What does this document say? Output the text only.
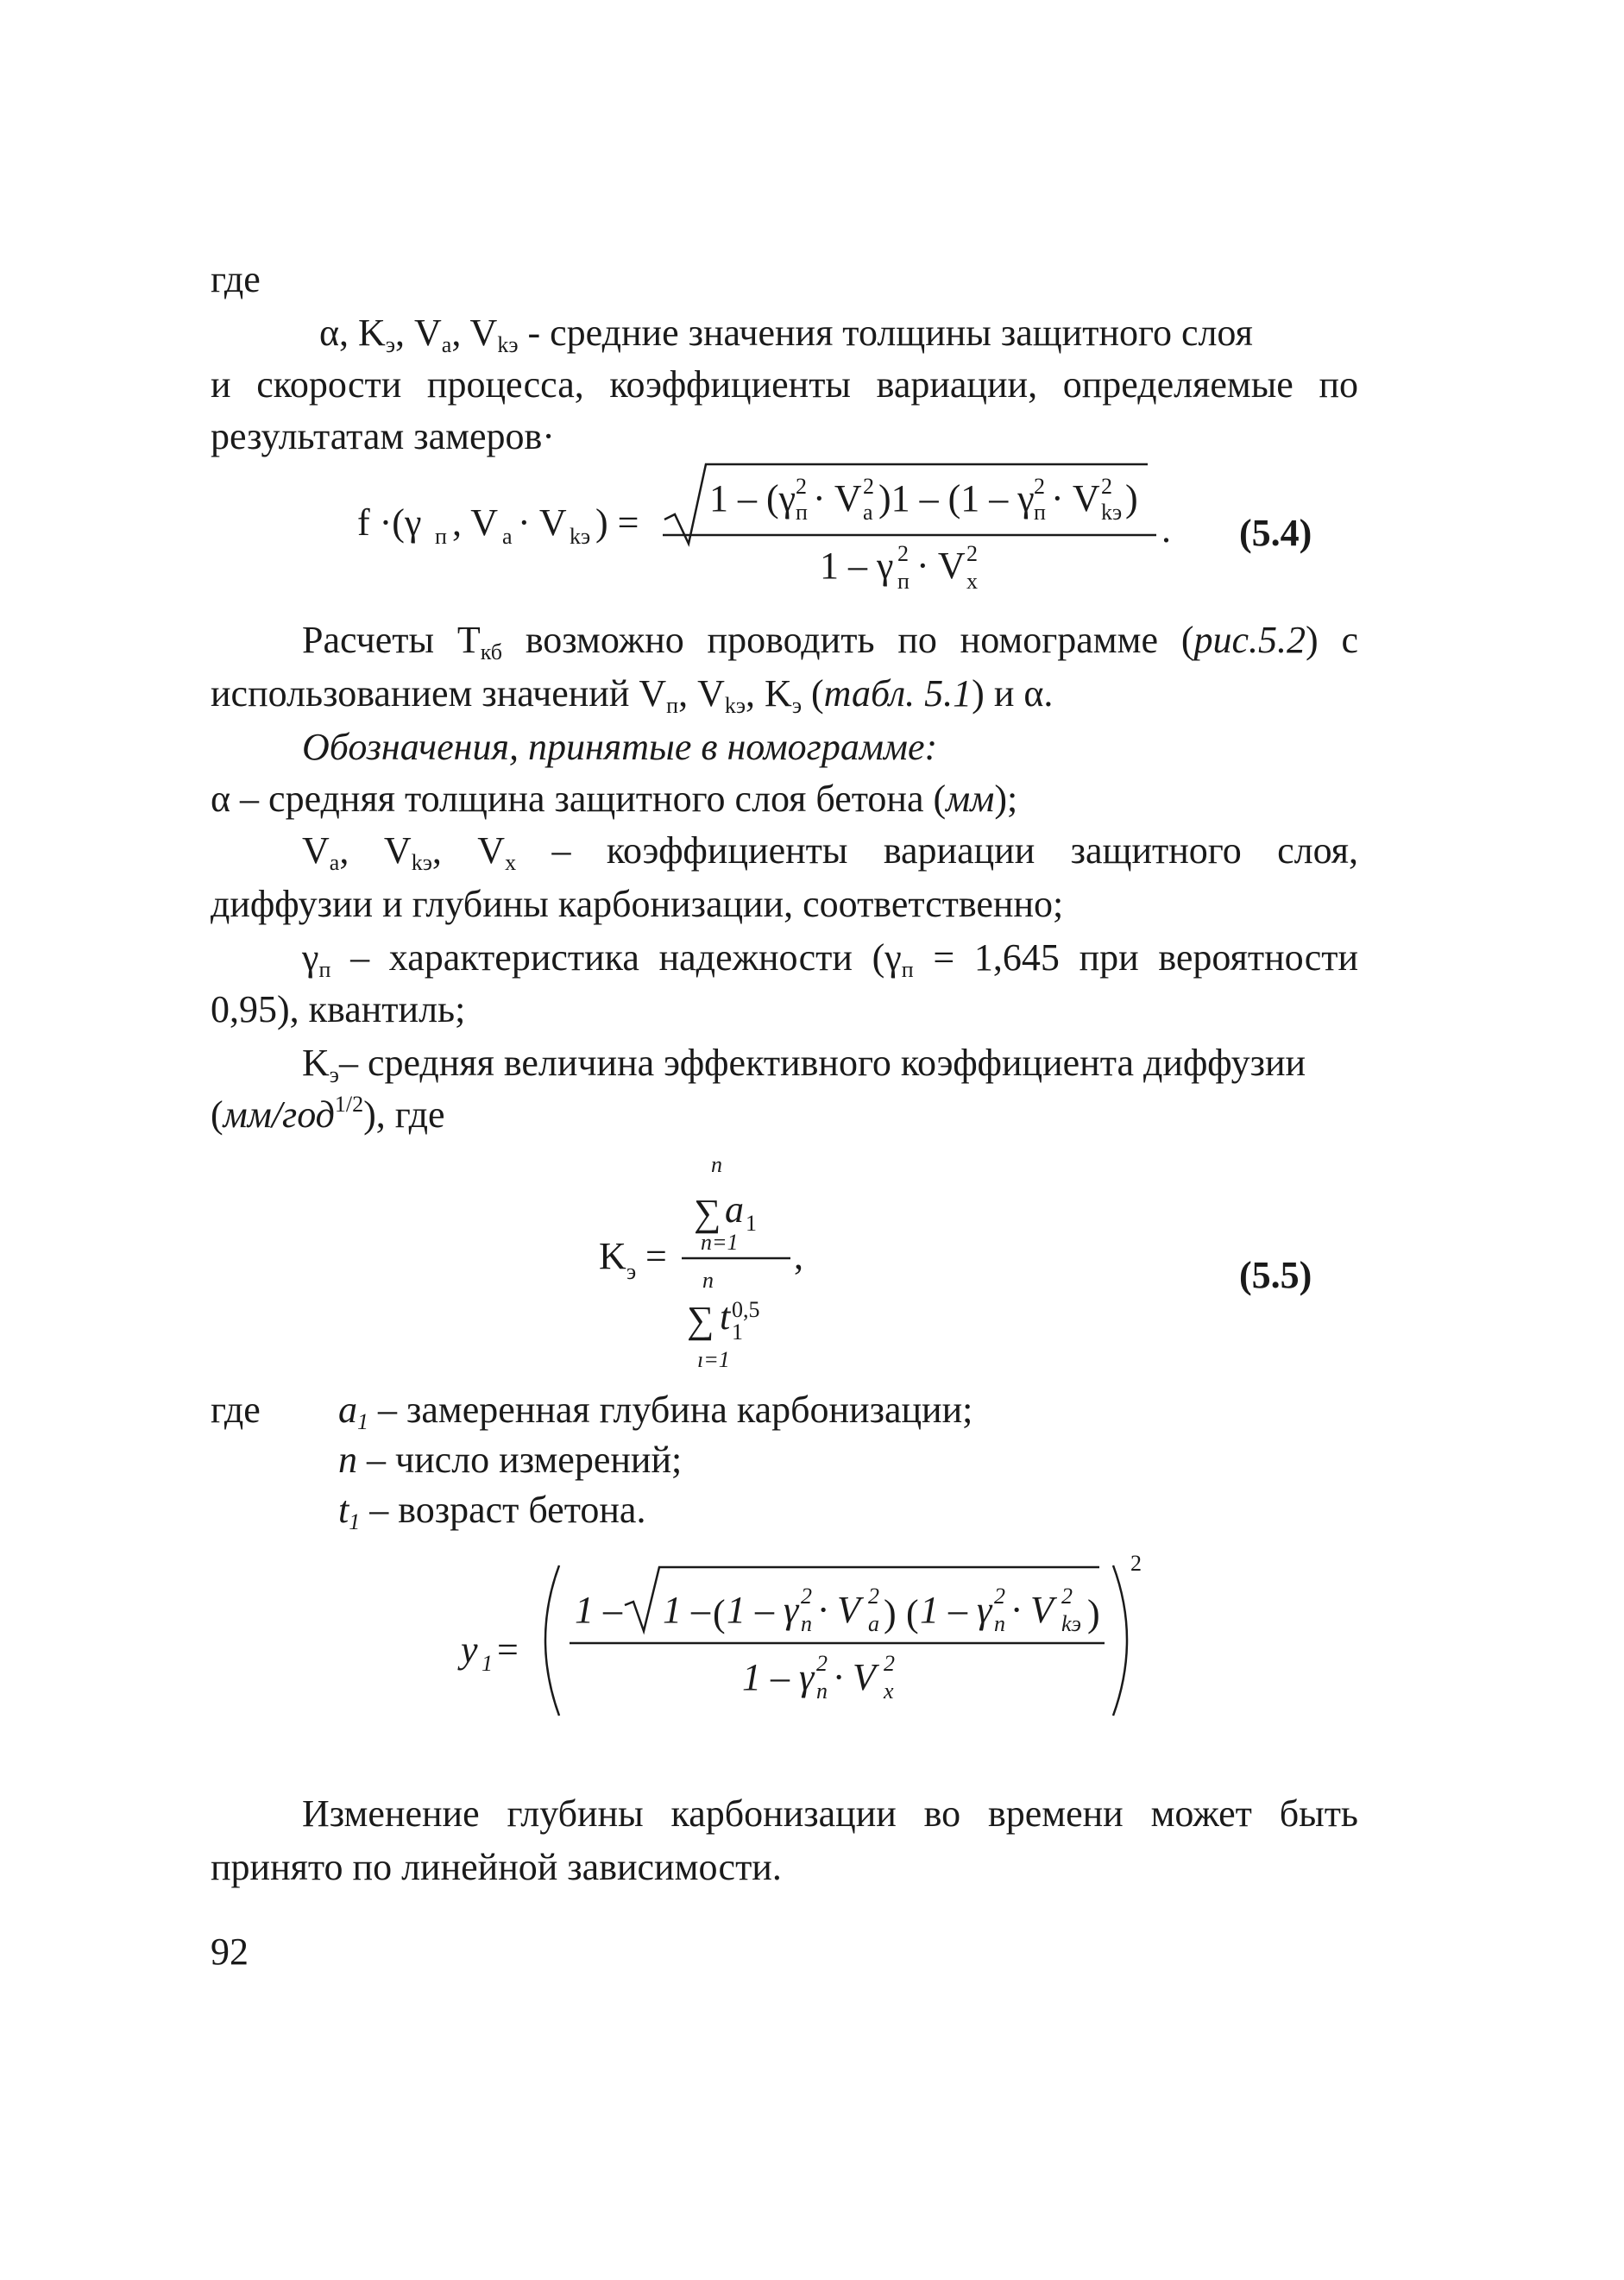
где
α, $K_э$, $V_a$, $V_{kэ}$ - средние значения толщины защитного слоя
и скорости процесса, коэффициенты вариации, определяемые по
результатам замеров·
f ·(γ п , V a · V kэ ) =
1 – (γ 2
п · V 2
a )1 – (1 – γ 2
п · V 2
kэ )
1 – γ 2
п · V 2
x
. (5.4)
Расчеты $Т_{кб}$ возможно проводить по номограмме (рис.5.2) с
использованием значений $V_п$, $V_{kэ}$, $K_э$ (табл. 5.1) и α.
Обозначения, принятые в номограмме:
α – средняя толщина защитного слоя бетона (мм);
$V_a$, $V_{kэ}$, $V_x$ – коэффициенты вариации защитного слоя,
диффузии и глубины карбонизации, соответственно;
$\gamma_п$ – характеристика надежности ($\gamma_п = 1,645$ при вероятности
0,95), квантиль;
$K_э-$ средняя величина эффективного коэффициента диффузии
(мм/год$^{1/2}$), где
K э =
n
∑ a 1
n=1 ,
n
∑ t 0,5
1
ı=1
(5.5)
где	$a_1$ – замеренная глубина карбонизации;
n – число измерений;
$t_1$ – возраст бетона.
y 1 =
2
1 – 1 – ( 1 – γ 2
n · V 2
a ) ( 1 – γ 2
n · V 2
kэ )
1 – γ 2
n · V 2
x
Изменение глубины карбонизации во времени может быть
принято по линейной зависимости.
92
